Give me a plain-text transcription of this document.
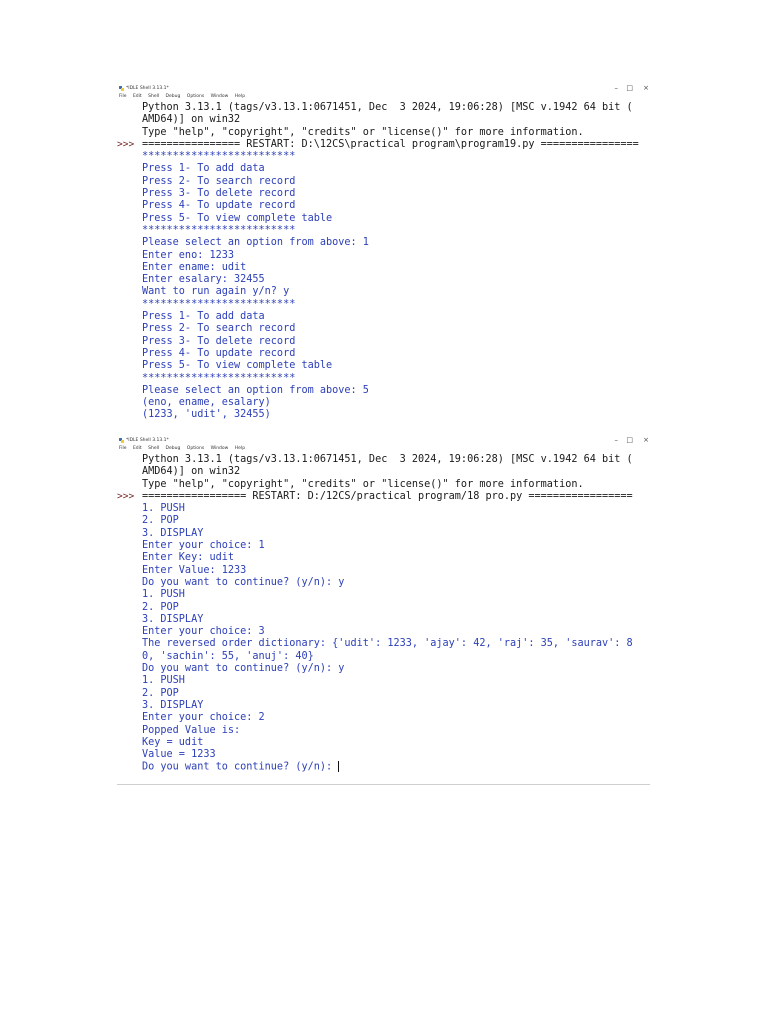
*IDLE Shell 3.13.1*	– □ ×
File Edit Shell Debug Options Window Help
>>>
Python 3.13.1 (tags/v3.13.1:0671451, Dec  3 2024, 19:06:28) [MSC v.1942 64 bit (
AMD64)] on win32
Type "help", "copyright", "credits" or "license()" for more information.
================ RESTART: D:\12CS\practical program\program19.py ================
*************************
Press 1- To add data
Press 2- To search record
Press 3- To delete record
Press 4- To update record
Press 5- To view complete table
*************************
Please select an option from above: 1
Enter eno: 1233
Enter ename: udit
Enter esalary: 32455
Want to run again y/n? y
*************************
Press 1- To add data
Press 2- To search record
Press 3- To delete record
Press 4- To update record
Press 5- To view complete table
*************************
Please select an option from above: 5
(eno, ename, esalary)
(1233, 'udit', 32455)
*IDLE Shell 3.13.1*	– □ ×
File Edit Shell Debug Options Window Help
>>>
Python 3.13.1 (tags/v3.13.1:0671451, Dec  3 2024, 19:06:28) [MSC v.1942 64 bit (
AMD64)] on win32
Type "help", "copyright", "credits" or "license()" for more information.
================= RESTART: D:/12CS/practical program/18 pro.py =================
1. PUSH
2. POP
3. DISPLAY
Enter your choice: 1
Enter Key: udit
Enter Value: 1233
Do you want to continue? (y/n): y
1. PUSH
2. POP
3. DISPLAY
Enter your choice: 3
The reversed order dictionary: {'udit': 1233, 'ajay': 42, 'raj': 35, 'saurav': 8
0, 'sachin': 55, 'anuj': 40}
Do you want to continue? (y/n): y
1. PUSH
2. POP
3. DISPLAY
Enter your choice: 2
Popped Value is:
Key = udit
Value = 1233
Do you want to continue? (y/n):
